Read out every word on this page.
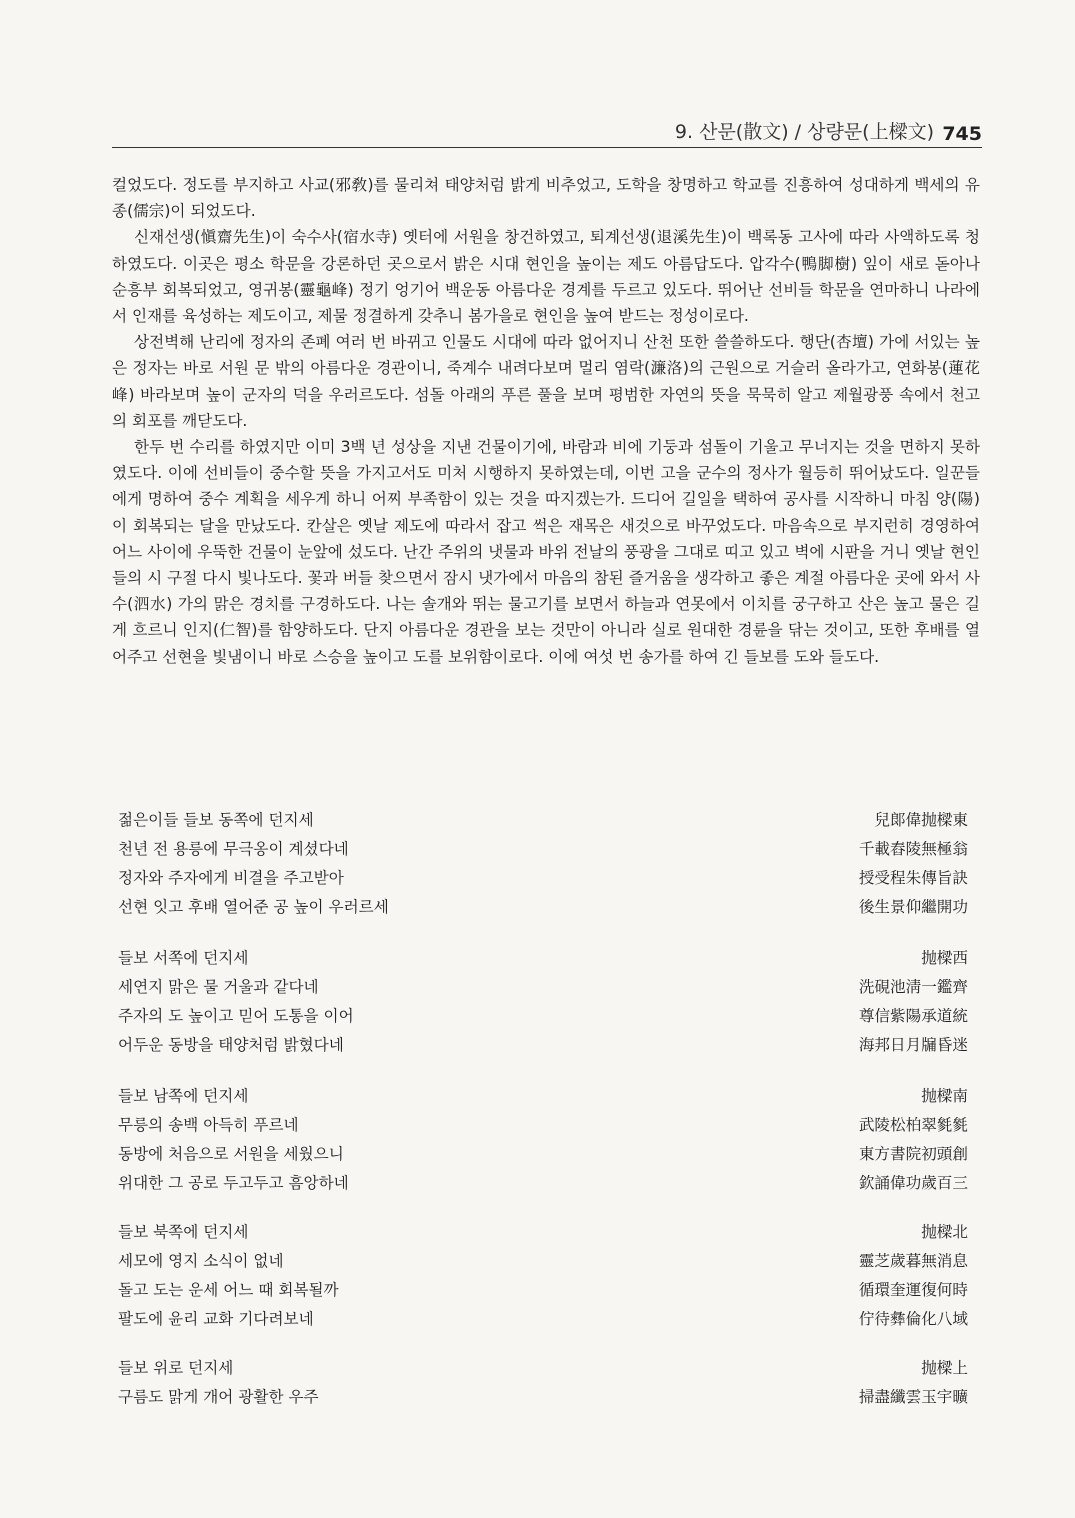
9. 산문(散文) / 상량문(上樑文) 745

컬었도다. 정도를 부지하고 사교(邪敎)를 물리쳐 태양처럼 밝게 비추었고, 도학을 창명하고 학교를 진흥하여 성대하게 백세의 유종(儒宗)이 되었도다.

신재선생(愼齋先生)이 숙수사(宿水寺) 옛터에 서원을 창건하였고, 퇴계선생(退溪先生)이 백록동 고사에 따라 사액하도록 청하였도다. 이곳은 평소 학문을 강론하던 곳으로서 밝은 시대 현인을 높이는 제도 아름답도다. 압각수(鴨脚樹) 잎이 새로 돋아나 순흥부 회복되었고, 영귀봉(靈龜峰) 정기 엉기어 백운동 아름다운 경계를 두르고 있도다. 뛰어난 선비들 학문을 연마하니 나라에서 인재를 육성하는 제도이고, 제물 정결하게 갖추니 봄가을로 현인을 높여 받드는 정성이로다.

상전벽해 난리에 정자의 존폐 여러 번 바뀌고 인물도 시대에 따라 없어지니 산천 또한 쓸쓸하도다. 행단(杏壇) 가에 서있는 높은 정자는 바로 서원 문 밖의 아름다운 경관이니, 죽계수 내려다보며 멀리 염락(濂洛)의 근원으로 거슬러 올라가고, 연화봉(蓮花峰) 바라보며 높이 군자의 덕을 우러르도다. 섬돌 아래의 푸른 풀을 보며 평범한 자연의 뜻을 묵묵히 알고 제월광풍 속에서 천고의 회포를 깨닫도다.

한두 번 수리를 하였지만 이미 3백 년 성상을 지낸 건물이기에, 바람과 비에 기둥과 섬돌이 기울고 무너지는 것을 면하지 못하였도다. 이에 선비들이 중수할 뜻을 가지고서도 미처 시행하지 못하였는데, 이번 고을 군수의 정사가 월등히 뛰어났도다. 일꾼들에게 명하여 중수 계획을 세우게 하니 어찌 부족함이 있는 것을 따지겠는가. 드디어 길일을 택하여 공사를 시작하니 마침 양(陽)이 회복되는 달을 만났도다. 칸살은 옛날 제도에 따라서 잡고 썩은 재목은 새것으로 바꾸었도다. 마음속으로 부지런히 경영하여 어느 사이에 우뚝한 건물이 눈앞에 섰도다. 난간 주위의 냇물과 바위 전날의 풍광을 그대로 띠고 있고 벽에 시판을 거니 옛날 현인들의 시 구절 다시 빛나도다. 꽃과 버들 찾으면서 잠시 냇가에서 마음의 참된 즐거움을 생각하고 좋은 계절 아름다운 곳에 와서 사수(泗水) 가의 맑은 경치를 구경하도다. 나는 솔개와 뛰는 물고기를 보면서 하늘과 연못에서 이치를 궁구하고 산은 높고 물은 길게 흐르니 인지(仁智)를 함양하도다. 단지 아름다운 경관을 보는 것만이 아니라 실로 원대한 경륜을 닦는 것이고, 또한 후배를 열어주고 선현을 빛냄이니 바로 스승을 높이고 도를 보위함이로다. 이에 여섯 번 송가를 하여 긴 들보를 도와 들도다.

젊은이들 들보 동쪽에 던지세	兒郞偉抛樑東
천년 전 용릉에 무극옹이 계셨다네	千載舂陵無極翁
정자와 주자에게 비결을 주고받아	授受程朱傳旨訣
선현 잇고 후배 열어준 공 높이 우러르세	後生景仰繼開功
들보 서쪽에 던지세	抛樑西
세연지 맑은 물 거울과 같다네	洗硯池淸一鑑齊
주자의 도 높이고 믿어 도통을 이어	尊信紫陽承道統
어두운 동방을 태양처럼 밝혔다네	海邦日月牖昏迷
들보 남쪽에 던지세	抛樑南
무릉의 송백 아득히 푸르네	武陵松柏翠毿毿
동방에 처음으로 서원을 세웠으니	東方書院初頭創
위대한 그 공로 두고두고 흠앙하네	欽誦偉功歲百三
들보 북쪽에 던지세	抛樑北
세모에 영지 소식이 없네	靈芝歲暮無消息
돌고 도는 운세 어느 때 회복될까	循環奎運復何時
팔도에 윤리 교화 기다려보네	佇待彝倫化八域
들보 위로 던지세	抛樑上
구름도 맑게 개어 광활한 우주	掃盡纖雲玉宇曠
